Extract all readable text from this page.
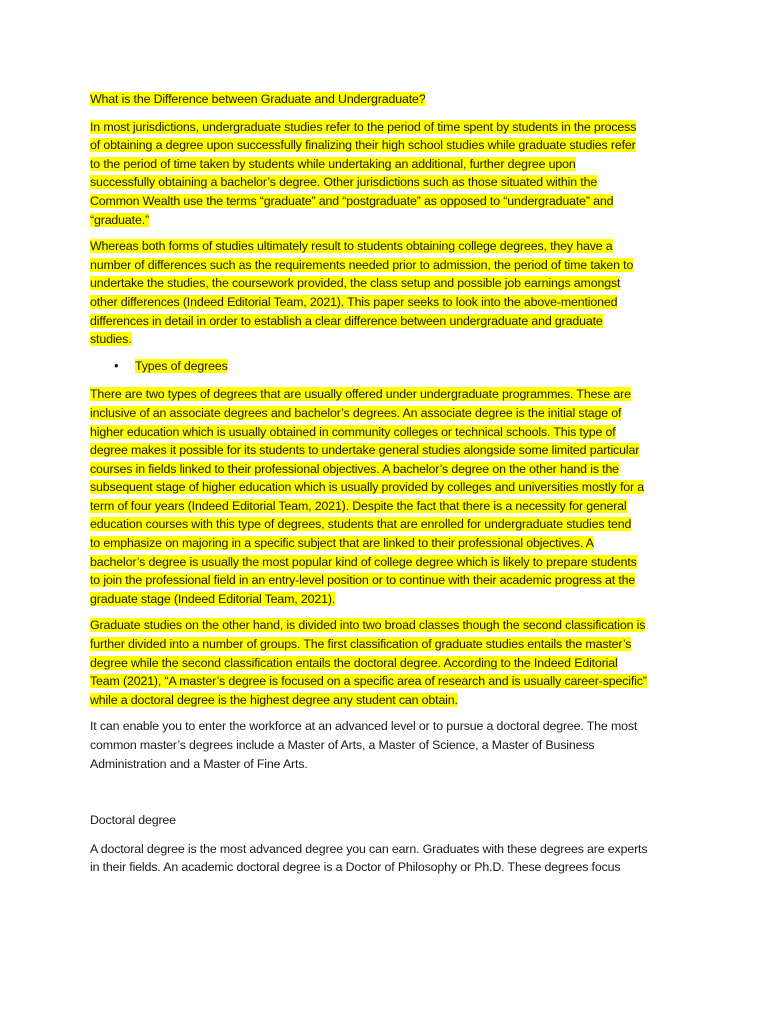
What is the Difference between Graduate and Undergraduate?
In most jurisdictions, undergraduate studies refer to the period of time spent by students in the process
of obtaining a degree upon successfully finalizing their high school studies while graduate studies refer
to the period of time taken by students while undertaking an additional, further degree upon
successfully obtaining a bachelor’s degree. Other jurisdictions such as those situated within the
Common Wealth use the terms “graduate” and “postgraduate” as opposed to “undergraduate” and
“graduate.”
Whereas both forms of studies ultimately result to students obtaining college degrees, they have a
number of differences such as the requirements needed prior to admission, the period of time taken to
undertake the studies, the coursework provided, the class setup and possible job earnings amongst
other differences (Indeed Editorial Team, 2021). This paper seeks to look into the above-mentioned
differences in detail in order to establish a clear difference between undergraduate and graduate
studies.
• Types of degrees
There are two types of degrees that are usually offered under undergraduate programmes. These are
inclusive of an associate degrees and bachelor’s degrees. An associate degree is the initial stage of
higher education which is usually obtained in community colleges or technical schools. This type of
degree makes it possible for its students to undertake general studies alongside some limited particular
courses in fields linked to their professional objectives. A bachelor’s degree on the other hand is the
subsequent stage of higher education which is usually provided by colleges and universities mostly for a
term of four years (Indeed Editorial Team, 2021). Despite the fact that there is a necessity for general
education courses with this type of degrees, students that are enrolled for undergraduate studies tend
to emphasize on majoring in a specific subject that are linked to their professional objectives. A
bachelor’s degree is usually the most popular kind of college degree which is likely to prepare students
to join the professional field in an entry-level position or to continue with their academic progress at the
graduate stage (Indeed Editorial Team, 2021).
Graduate studies on the other hand, is divided into two broad classes though the second classification is
further divided into a number of groups. The first classification of graduate studies entails the master’s
degree while the second classification entails the doctoral degree. According to the Indeed Editorial
Team (2021), “A master’s degree is focused on a specific area of research and is usually career-specific”
while a doctoral degree is the highest degree any student can obtain.
It can enable you to enter the workforce at an advanced level or to pursue a doctoral degree. The most
common master’s degrees include a Master of Arts, a Master of Science, a Master of Business
Administration and a Master of Fine Arts.
Doctoral degree
A doctoral degree is the most advanced degree you can earn. Graduates with these degrees are experts
in their fields. An academic doctoral degree is a Doctor of Philosophy or Ph.D. These degrees focus
